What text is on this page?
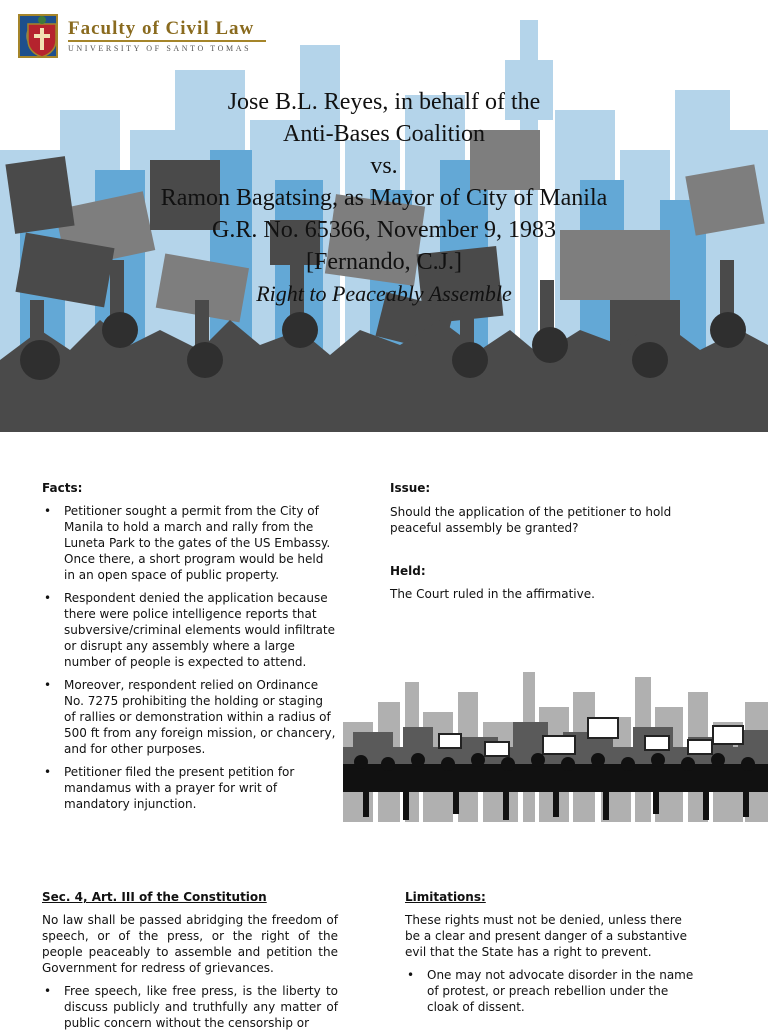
Faculty of Civil Law
UNIVERSITY OF SANTO TOMAS
Jose B.L. Reyes, in behalf of the
Anti-Bases Coalition
vs.
Ramon Bagatsing, as Mayor of City of Manila
G.R. No. 65366, November 9, 1983
[Fernando, C.J.]
Right to Peaceably Assemble

Facts:

• Petitioner sought a permit from the City of Manila to hold a march and rally from the Luneta Park to the gates of the US Embassy. Once there, a short program would be held in an open space of public property.
• Respondent denied the application because there were police intelligence reports that subversive/criminal elements would infiltrate or disrupt any assembly where a large number of people is expected to attend.
• Moreover, respondent relied on Ordinance No. 7275 prohibiting the holding or staging of rallies or demonstration within a radius of 500 ft from any foreign mission, or chancery, and for other purposes.
• Petitioner filed the present petition for mandamus with a prayer for writ of mandatory injunction.

Issue:

Should the application of the petitioner to hold peaceful assembly be granted?

Held:

The Court ruled in the affirmative.

Sec. 4, Art. III of the Constitution

No law shall be passed abridging the freedom of speech, or of the press, or the right of the people peaceably to assemble and petition the Government for redress of grievances.

• Free speech, like free press, is the liberty to discuss publicly and truthfully any matter of public concern without the censorship or

Limitations:

These rights must not be denied, unless there be a clear and present danger of a substantive evil that the State has a right to prevent.

• One may not advocate disorder in the name of protest, or preach rebellion under the cloak of dissent.
